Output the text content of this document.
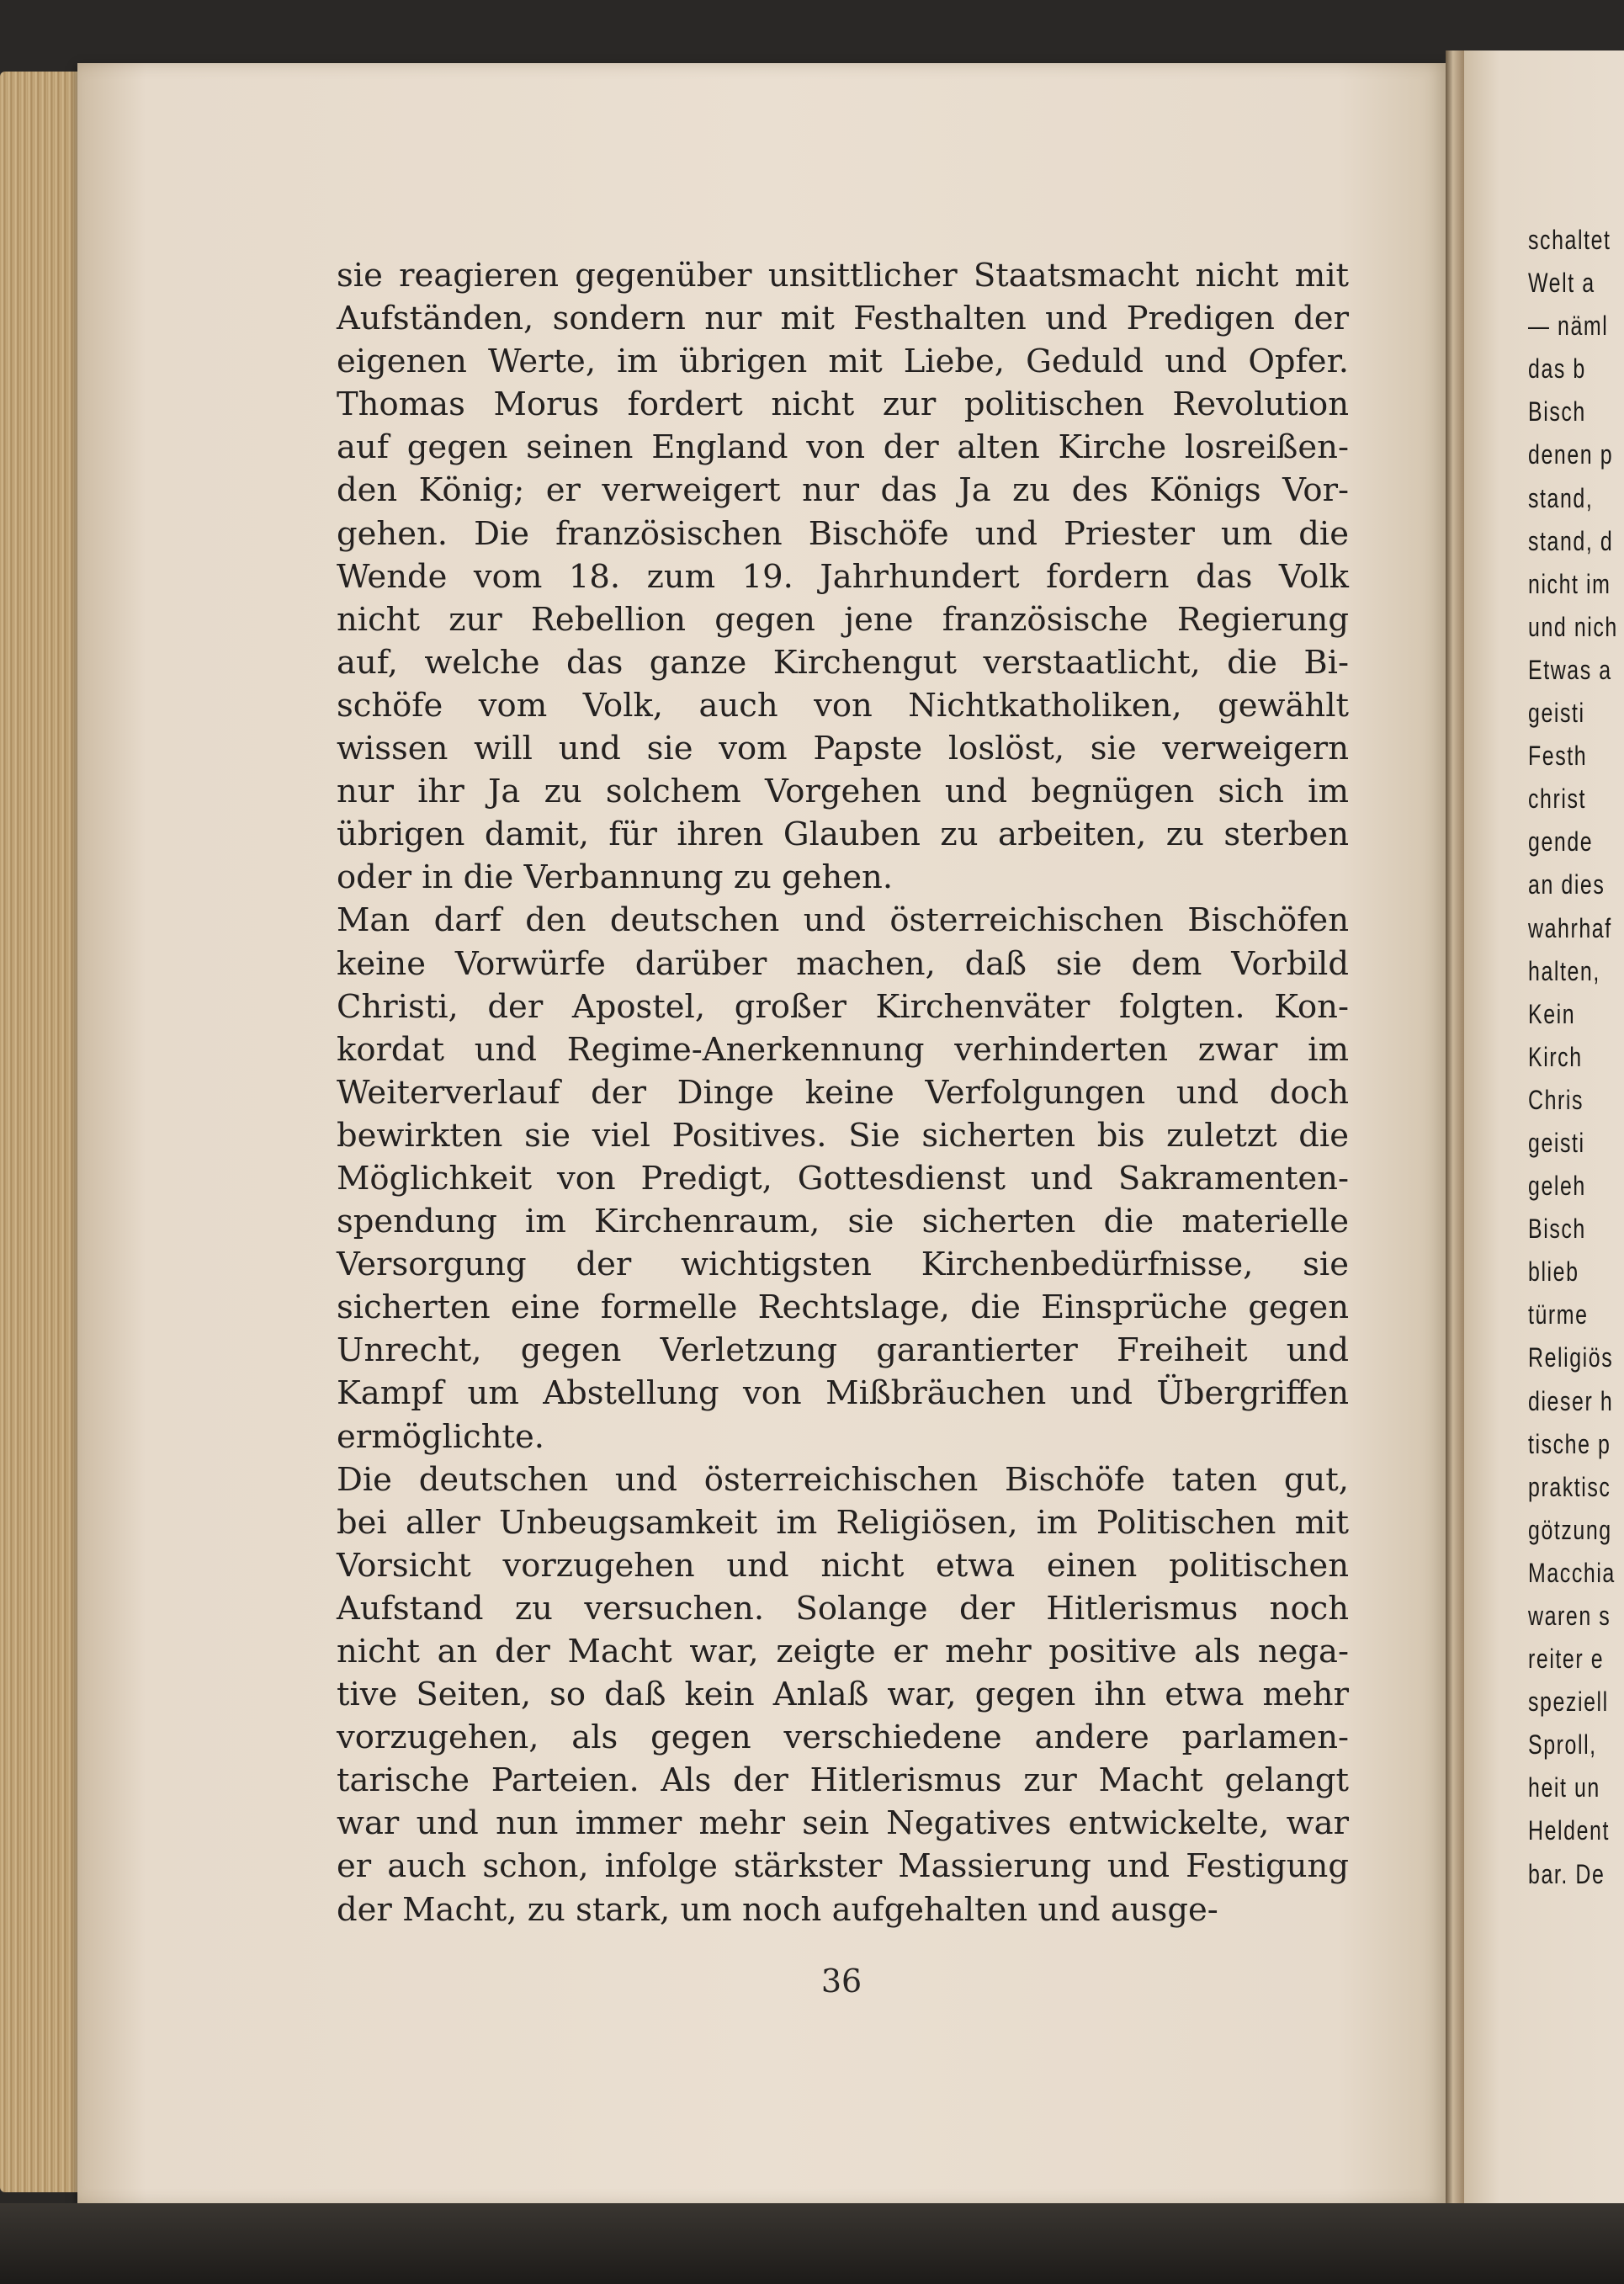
sie reagieren gegenüber unsittlicher Staatsmacht nicht mit
Aufständen, sondern nur mit Festhalten und Predigen der
eigenen Werte, im übrigen mit Liebe, Geduld und Opfer.
Thomas Morus fordert nicht zur politischen Revolution
auf gegen seinen England von der alten Kirche losreißen-
den König; er verweigert nur das Ja zu des Königs Vor-
gehen. Die französischen Bischöfe und Priester um die
Wende vom 18. zum 19. Jahrhundert fordern das Volk
nicht zur Rebellion gegen jene französische Regierung
auf, welche das ganze Kirchengut verstaatlicht, die Bi-
schöfe vom Volk, auch von Nichtkatholiken, gewählt
wissen will und sie vom Papste loslöst, sie verweigern
nur ihr Ja zu solchem Vorgehen und begnügen sich im
übrigen damit, für ihren Glauben zu arbeiten, zu sterben
oder in die Verbannung zu gehen.
Man darf den deutschen und österreichischen Bischöfen
keine Vorwürfe darüber machen, daß sie dem Vorbild
Christi, der Apostel, großer Kirchenväter folgten. Kon-
kordat und Regime-Anerkennung verhinderten zwar im
Weiterverlauf der Dinge keine Verfolgungen und doch
bewirkten sie viel Positives. Sie sicherten bis zuletzt die
Möglichkeit von Predigt, Gottesdienst und Sakramenten-
spendung im Kirchenraum, sie sicherten die materielle
Versorgung der wichtigsten Kirchenbedürfnisse, sie
sicherten eine formelle Rechtslage, die Einsprüche gegen
Unrecht, gegen Verletzung garantierter Freiheit und
Kampf um Abstellung von Mißbräuchen und Übergriffen
ermöglichte.
Die deutschen und österreichischen Bischöfe taten gut,
bei aller Unbeugsamkeit im Religiösen, im Politischen mit
Vorsicht vorzugehen und nicht etwa einen politischen
Aufstand zu versuchen. Solange der Hitlerismus noch
nicht an der Macht war, zeigte er mehr positive als nega-
tive Seiten, so daß kein Anlaß war, gegen ihn etwa mehr
vorzugehen, als gegen verschiedene andere parlamen-
tarische Parteien. Als der Hitlerismus zur Macht gelangt
war und nun immer mehr sein Negatives entwickelte, war
er auch schon, infolge stärkster Massierung und Festigung
der Macht, zu stark, um noch aufgehalten und ausge-
36
schaltet
Welt a
— näml
das b
Bisch
denen p
stand,
stand, d
nicht im
und nich
Etwas a
geisti
Festh
christ
gende
an dies
wahrhaf
halten,
Kein
Kirch
Chris
geisti
geleh
Bisch
blieb
türme
Religiös
dieser h
tische p
praktisc
götzung
Macchia
waren s
reiter e
speziell
Sproll,
heit un
Heldent
bar. De
